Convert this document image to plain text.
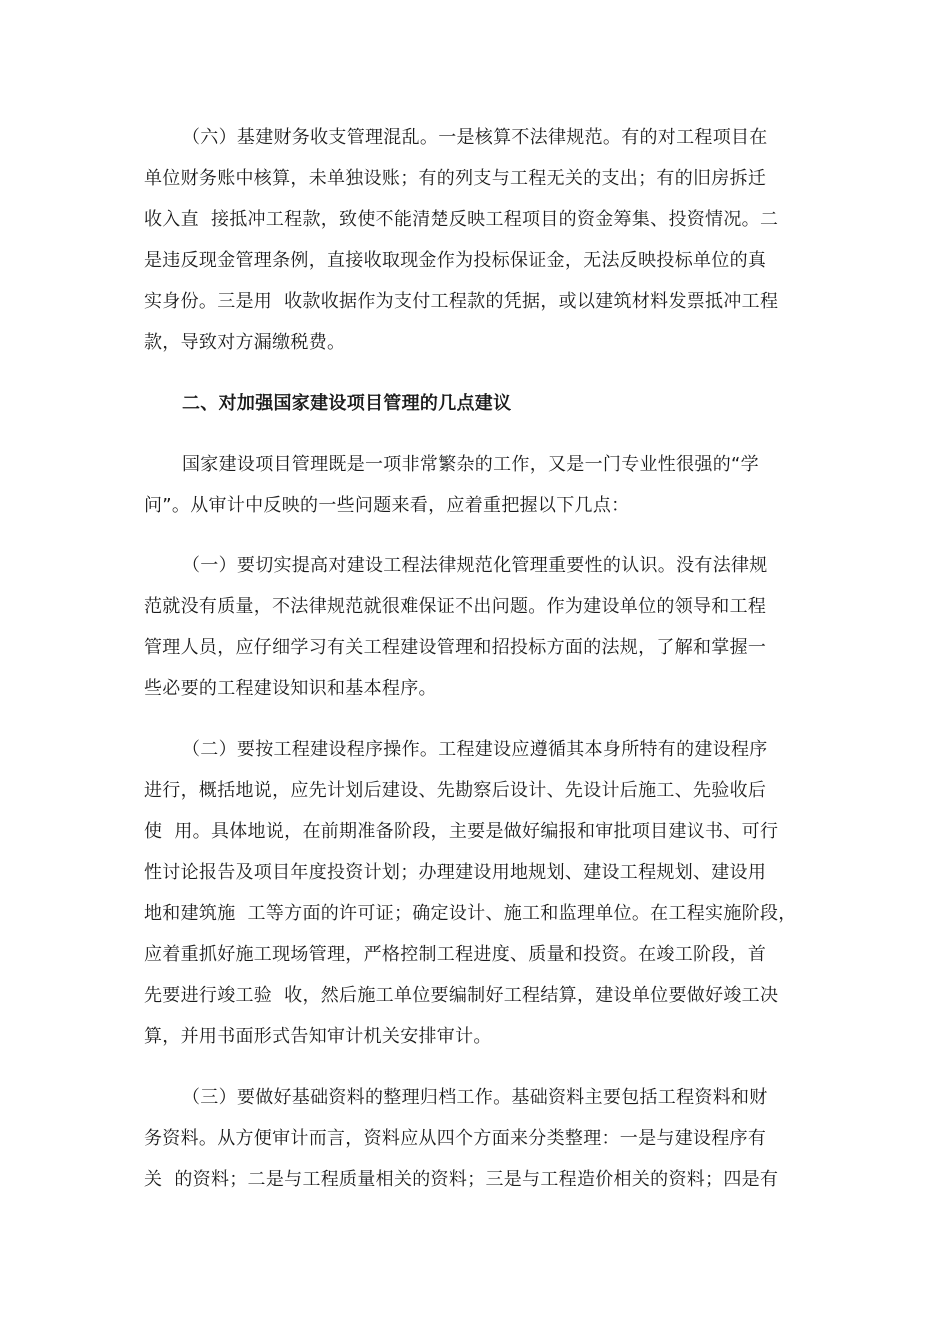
（六）基建财务收支管理混乱。一是核算不法律规范。有的对工程项目在
单位财务账中核算，未单独设账；有的列支与工程无关的支出；有的旧房拆迁
收入直  接抵冲工程款，致使不能清楚反映工程项目的资金筹集、投资情况。二
是违反现金管理条例，直接收取现金作为投标保证金，无法反映投标单位的真
实身份。三是用  收款收据作为支付工程款的凭据，或以建筑材料发票抵冲工程
款，导致对方漏缴税费。
二、对加强国家建设项目管理的几点建议
国家建设项目管理既是一项非常繁杂的工作，又是一门专业性很强的“学
问”。从审计中反映的一些问题来看，应着重把握以下几点：
（一）要切实提高对建设工程法律规范化管理重要性的认识。没有法律规
范就没有质量，不法律规范就很难保证不出问题。作为建设单位的领导和工程
管理人员，应仔细学习有关工程建设管理和招投标方面的法规，了解和掌握一
些必要的工程建设知识和基本程序。
（二）要按工程建设程序操作。工程建设应遵循其本身所特有的建设程序
进行，概括地说，应先计划后建设、先勘察后设计、先设计后施工、先验收后
使  用。具体地说，在前期准备阶段，主要是做好编报和审批项目建议书、可行
性讨论报告及项目年度投资计划；办理建设用地规划、建设工程规划、建设用
地和建筑施  工等方面的许可证；确定设计、施工和监理单位。在工程实施阶段，
应着重抓好施工现场管理，严格控制工程进度、质量和投资。在竣工阶段，首
先要进行竣工验  收，然后施工单位要编制好工程结算，建设单位要做好竣工决
算，并用书面形式告知审计机关安排审计。
（三）要做好基础资料的整理归档工作。基础资料主要包括工程资料和财
务资料。从方便审计而言，资料应从四个方面来分类整理：一是与建设程序有
关  的资料；二是与工程质量相关的资料；三是与工程造价相关的资料；四是有
